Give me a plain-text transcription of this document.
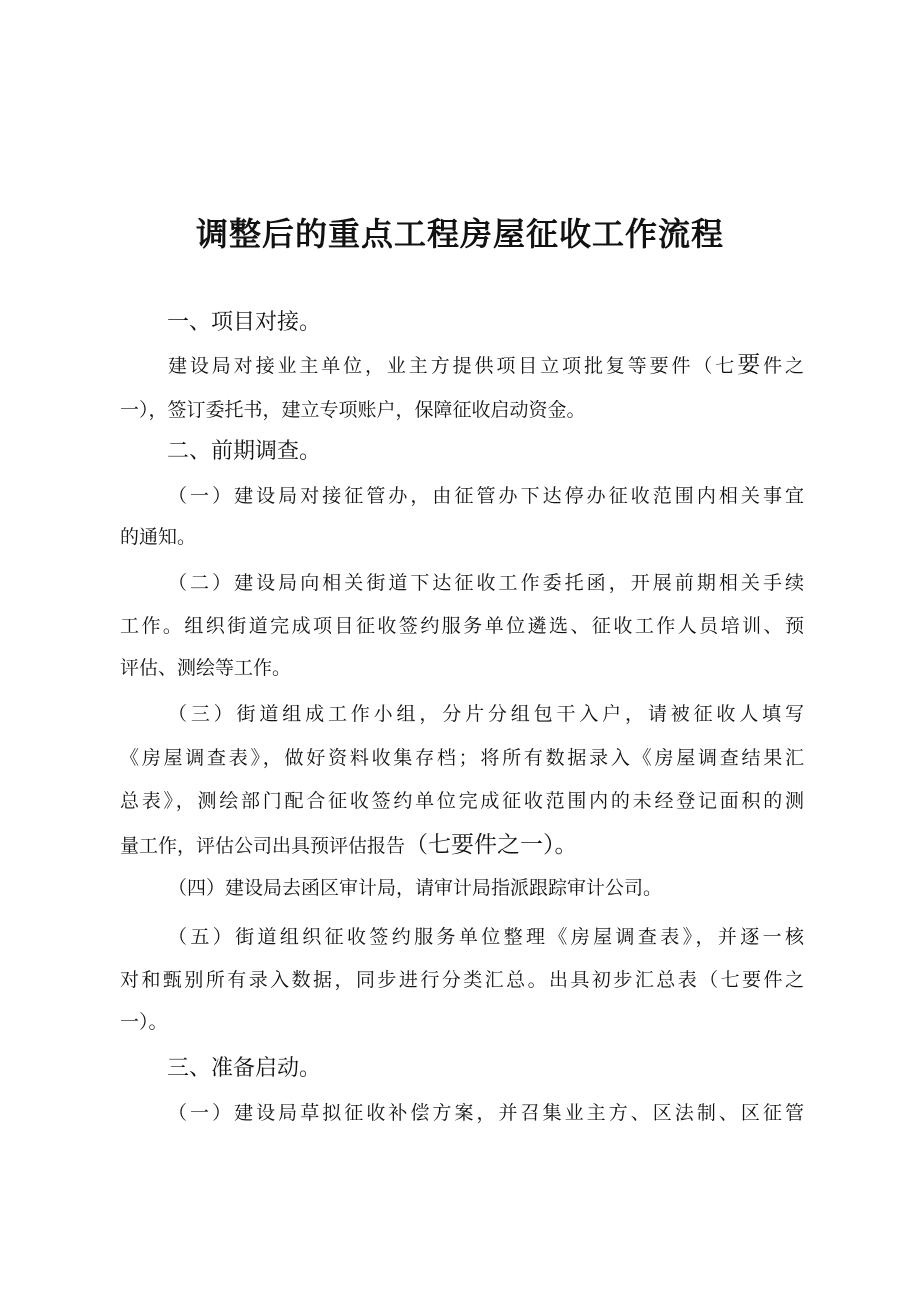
调整后的重点工程房屋征收工作流程
一、项目对接。
建设局对接业主单位，业主方提供项目立项批复等要件（七要件之
一），签订委托书，建立专项账户，保障征收启动资金。
二、前期调查。
（一）建设局对接征管办，由征管办下达停办征收范围内相关事宜
的通知。
（二）建设局向相关街道下达征收工作委托函，开展前期相关手续
工作。组织街道完成项目征收签约服务单位遴选、征收工作人员培训、预
评估、测绘等工作。
（三）街道组成工作小组，分片分组包干入户，请被征收人填写
《房屋调查表》，做好资料收集存档；将所有数据录入《房屋调查结果汇
总表》，测绘部门配合征收签约单位完成征收范围内的未经登记面积的测
量工作，评估公司出具预评估报告（七要件之一）。
（四）建设局去函区审计局，请审计局指派跟踪审计公司。
（五）街道组织征收签约服务单位整理《房屋调查表》，并逐一核
对和甄别所有录入数据，同步进行分类汇总。出具初步汇总表（七要件之
一）。
三、准备启动。
（一）建设局草拟征收补偿方案，并召集业主方、区法制、区征管
